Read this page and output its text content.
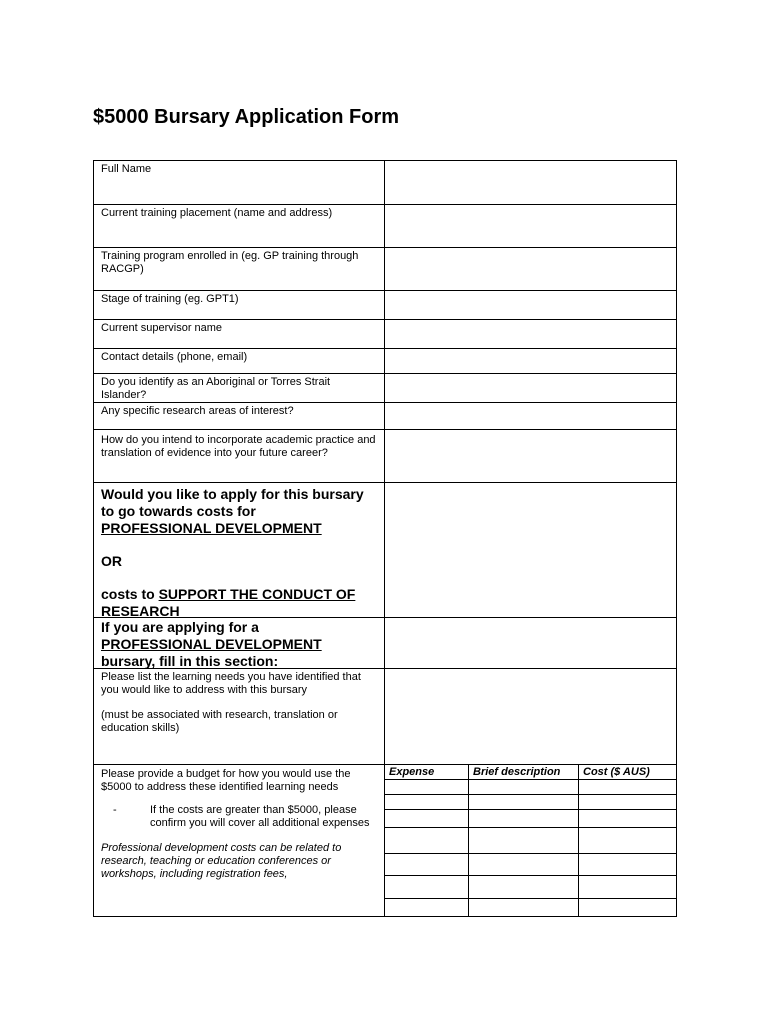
$5000 Bursary Application Form
Full Name
Current training placement (name and address)
Training program enrolled in (eg. GP training through RACGP)
Stage of training (eg. GPT1)
Current supervisor name
Contact details (phone, email)
Do you identify as an Aboriginal or Torres Strait Islander?
Any specific research areas of interest?
How do you intend to incorporate academic practice and translation of evidence into your future career?
Would you like to apply for this bursary to go towards costs for
PROFESSIONAL DEVELOPMENT
OR
costs to SUPPORT THE CONDUCT OF RESEARCH
If you are applying for a
PROFESSIONAL DEVELOPMENT
bursary, fill in this section:
Please list the learning needs you have identified that you would like to address with this bursary
(must be associated with research, translation or education skills)
Please provide a budget for how you would use the $5000 to address these identified learning needs
-	If the costs are greater than $5000, please confirm you will cover all additional expenses
Professional development costs can be related to research, teaching or education conferences or workshops, including registration fees,
Expense	Brief description	Cost ($ AUS)
